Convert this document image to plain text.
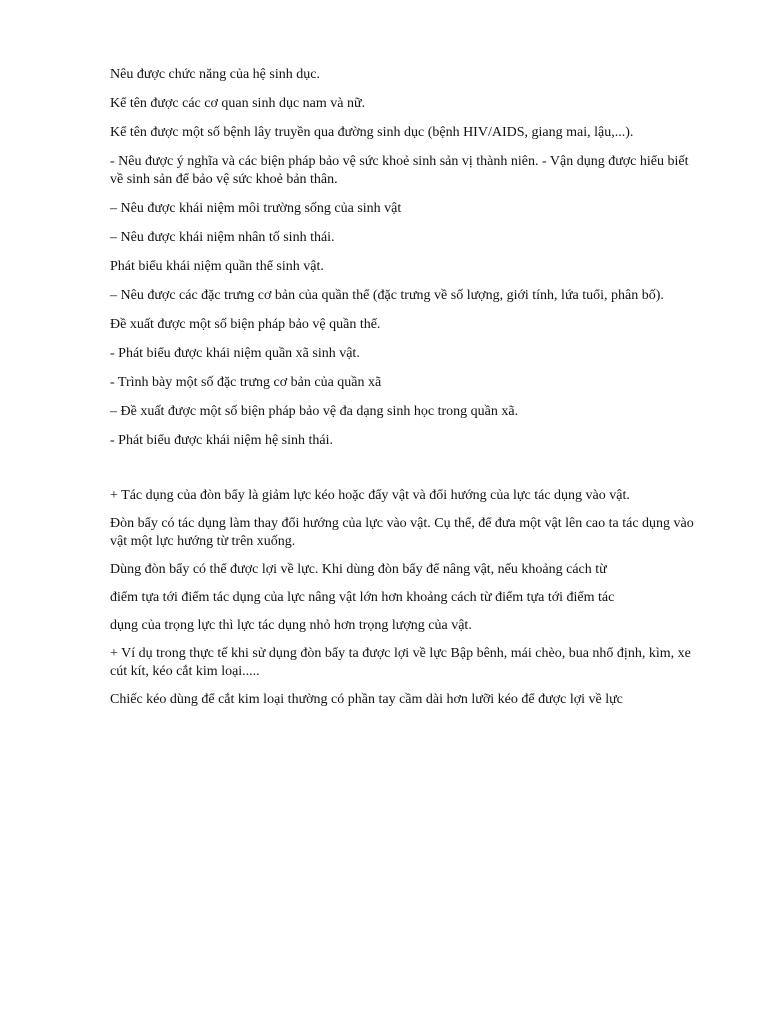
Nêu được chức năng của hệ sinh dục.

Kể tên được các cơ quan sinh dục nam và nữ.

Kể tên được một số bệnh lây truyền qua đường sinh dục (bệnh HIV/AIDS, giang mai, lậu,...).

- Nêu được ý nghĩa và các biện pháp bảo vệ sức khoẻ sinh sản vị thành niên. - Vận dụng được hiểu biết về sinh sản để bảo vệ sức khoẻ bản thân.

– Nêu được khái niệm môi trường sống của sinh vật

– Nêu được khái niệm nhân tố sinh thái.

Phát biểu khái niệm quần thể sinh vật.

– Nêu được các đặc trưng cơ bản của quần thể (đặc trưng về số lượng, giới tính, lứa tuổi, phân bố).

Đề xuất được một số biện pháp bảo vệ quần thể.

- Phát biểu được khái niệm quần xã sinh vật.

- Trình bày một số đặc trưng cơ bản của quần xã

– Đề xuất được một số biện pháp bảo vệ đa dạng sinh học trong quần xã.

- Phát biểu được khái niệm hệ sinh thái.

+ Tác dụng của đòn bẩy là giảm lực kéo hoặc đẩy vật và đổi hướng của lực tác dụng vào vật.

Đòn bẩy có tác dụng làm thay đổi hướng của lực vào vật. Cụ thể, để đưa một vật lên cao ta tác dụng vào vật một lực hướng từ trên xuống.

Dùng đòn bẩy có thể được lợi về lực. Khi dùng đòn bẩy để nâng vật, nếu khoảng cách từ

điểm tựa tới điểm tác dụng của lực nâng vật lớn hơn khoảng cách từ điểm tựa tới điểm tác

dụng của trọng lực thì lực tác dụng nhỏ hơn trọng lượng của vật.

+ Ví dụ trong thực tế khi sử dụng đòn bẩy ta được lợi về lực Bập bênh, mái chèo, bua nhổ định, kìm, xe cút kít, kéo cắt kim loại.....

Chiếc kéo dùng để cắt kim loại thường có phần tay cầm dài hơn lưỡi kéo để được lợi về lực
